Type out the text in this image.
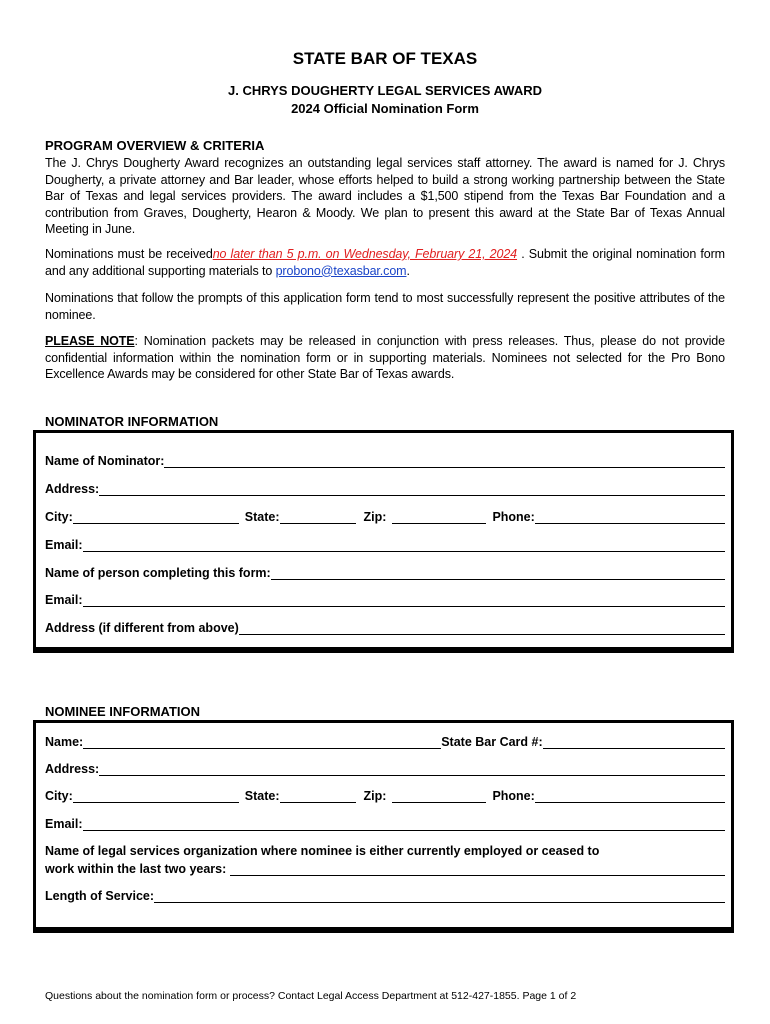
STATE BAR OF TEXAS
J. CHRYS DOUGHERTY LEGAL SERVICES AWARD
2024 Official Nomination Form
PROGRAM OVERVIEW & CRITERIA
The J. Chrys Dougherty Award recognizes an outstanding legal services staff attorney. The award is named for J. Chrys Dougherty, a private attorney and Bar leader, whose efforts helped to build a strong working partnership between the State Bar of Texas and legal services providers. The award includes a $1,500 stipend from the Texas Bar Foundation and a contribution from Graves, Dougherty, Hearon & Moody. We plan to present this award at the State Bar of Texas Annual Meeting in June.
Nominations must be receivedno later than 5 p.m. on Wednesday, February 21, 2024 . Submit the original nomination form and any additional supporting materials to probono@texasbar.com.
Nominations that follow the prompts of this application form tend to most successfully represent the positive attributes of the nominee.
PLEASE NOTE: Nomination packets may be released in conjunction with press releases. Thus, please do not provide confidential information within the nomination form or in supporting materials. Nominees not selected for the Pro Bono Excellence Awards may be considered for other State Bar of Texas awards.
NOMINATOR INFORMATION
Name of Nominator:
Address:
City:	State:	Zip:	Phone:
Email:
Name of person completing this form:
Email:
Address (if different from above)
NOMINEE INFORMATION
Name:	State Bar Card #:
Address:
City:	State:	Zip:	Phone:
Email:
Name of legal services organization where nominee is either currently employed or ceased to
work within the last two years:
Length of Service:
Questions about the nomination form or process? Contact Legal Access Department at 512-427-1855. Page 1 of 2
